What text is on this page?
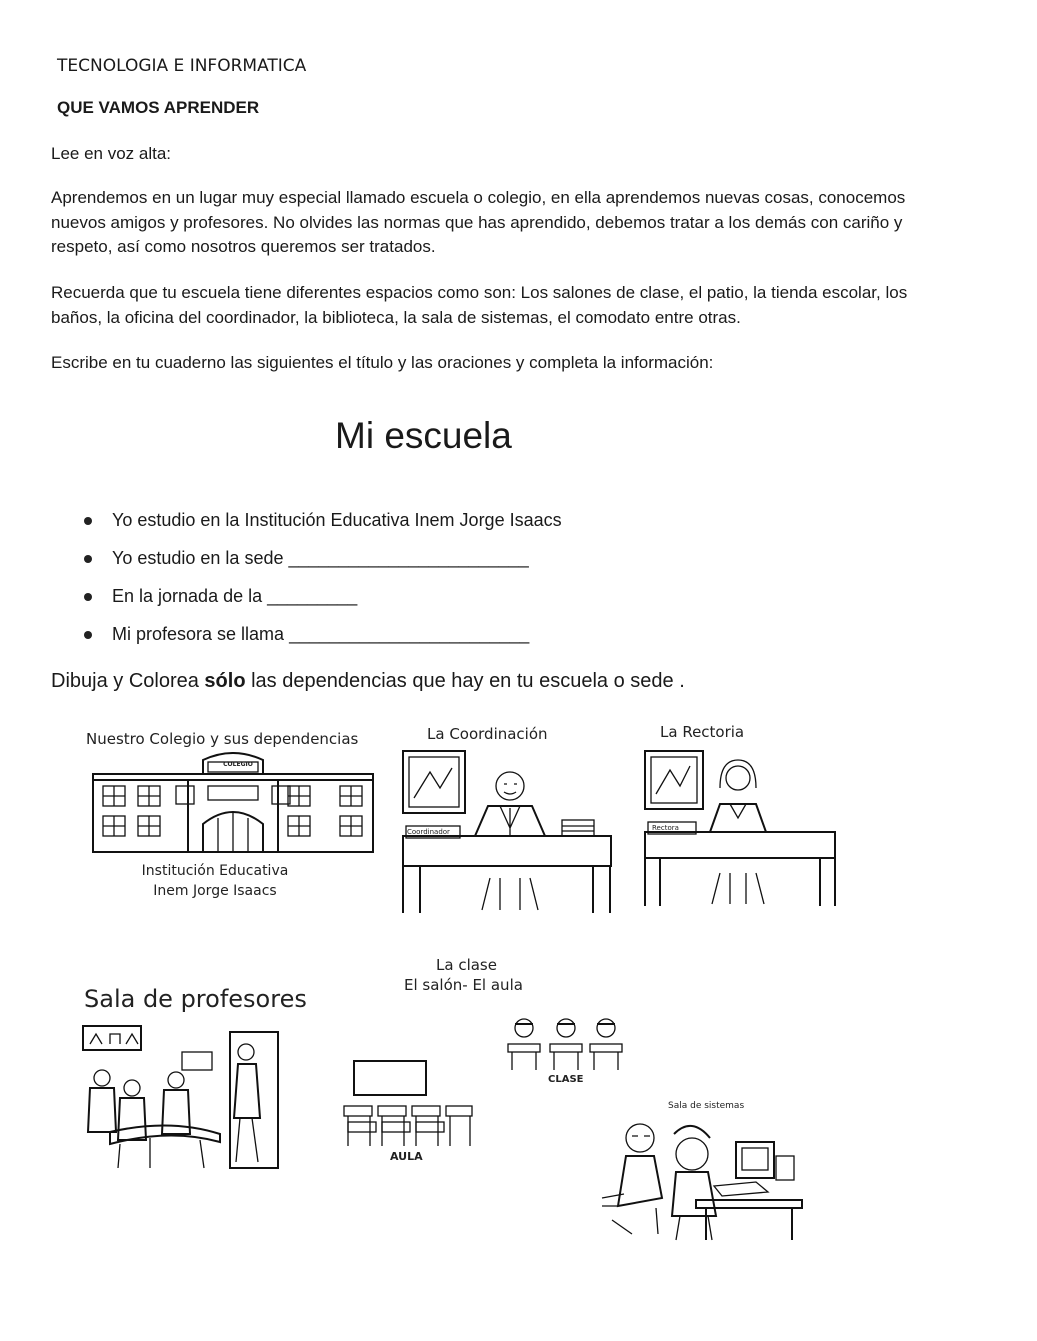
TECNOLOGIA E INFORMATICA
QUE VAMOS APRENDER
Lee en voz alta:
Aprendemos en un lugar muy especial llamado escuela o colegio, en ella aprendemos nuevas cosas, conocemos
nuevos amigos y profesores. No olvides las normas que has aprendido, debemos tratar a los demás con cariño y
respeto, así como nosotros queremos ser tratados.
Recuerda que tu escuela tiene diferentes espacios como son: Los salones de clase, el patio, la tienda escolar, los
baños, la oficina del coordinador, la biblioteca, la sala de sistemas, el comodato entre otras.
Escribe en tu cuaderno las siguientes el título y las oraciones y completa la información:
Mi escuela
Yo estudio en la Institución Educativa Inem Jorge Isaacs
Yo estudio en la sede ________________________
En la jornada de la _________
Mi profesora se llama ________________________
Dibuja y Colorea sólo las dependencias que hay en tu escuela o sede .
Nuestro Colegio y sus dependencias
COLEGIO
Institución Educativa
Inem Jorge Isaacs
La Coordinación
Coordinador
La Rectoria
Rectora
Sala de profesores
La clase
El salón- El aula
CLASE
AULA
Sala de sistemas
